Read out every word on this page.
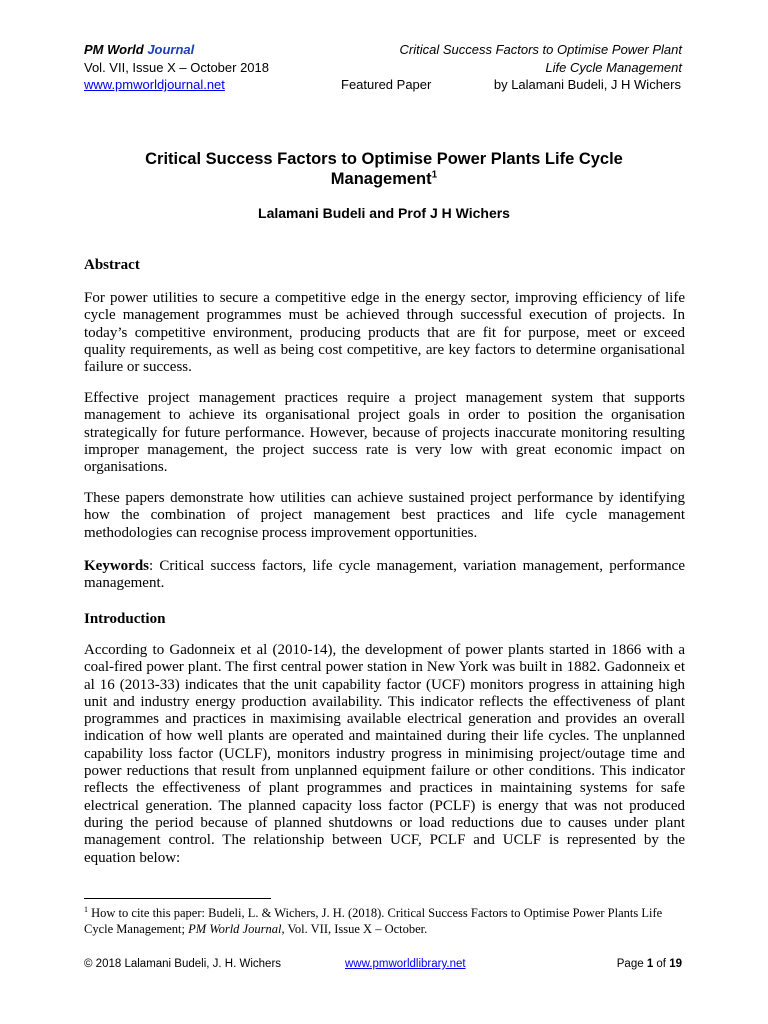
PM World Journal
Vol. VII, Issue X – October 2018
www.pmworldjournal.net
Critical Success Factors to Optimise Power Plant
Life Cycle Management
Featured Paper	by Lalamani Budeli, J H Wichers
Critical Success Factors to Optimise Power Plants Life Cycle
Management$^1$
Lalamani Budeli and Prof J H Wichers
Abstract

For power utilities to secure a competitive edge in the energy sector, improving efficiency of life cycle management programmes must be achieved through successful execution of projects. In today’s competitive environment, producing products that are fit for purpose, meet or exceed quality requirements, as well as being cost competitive, are key factors to determine organisational failure or success.

Effective project management practices require a project management system that supports management to achieve its organisational project goals in order to position the organisation strategically for future performance. However, because of projects inaccurate monitoring resulting improper management, the project success rate is very low with great economic impact on organisations.

These papers demonstrate how utilities can achieve sustained project performance by identifying how the combination of project management best practices and life cycle management methodologies can recognise process improvement opportunities.

Keywords: Critical success factors, life cycle management, variation management, performance management.

Introduction

According to Gadonneix et al (2010-14), the development of power plants started in 1866 with a coal-fired power plant. The first central power station in New York was built in 1882. Gadonneix et al 16 (2013-33) indicates that the unit capability factor (UCF) monitors progress in attaining high unit and industry energy production availability. This indicator reflects the effectiveness of plant programmes and practices in maximising available electrical generation and provides an overall indication of how well plants are operated and maintained during their life cycles. The unplanned capability loss factor (UCLF), monitors industry progress in minimising project/outage time and power reductions that result from unplanned equipment failure or other conditions. This indicator reflects the effectiveness of plant programmes and practices in maintaining systems for safe electrical generation. The planned capacity loss factor (PCLF) is energy that was not produced during the period because of planned shutdowns or load reductions due to causes under plant management control. The relationship between UCF, PCLF and UCLF is represented by the equation below:

$^1$ How to cite this paper: Budeli, L. & Wichers, J. H. (2018). Critical Success Factors to Optimise Power Plants Life Cycle Management; PM World Journal, Vol. VII, Issue X – October.
© 2018 Lalamani Budeli, J. H. Wichers	www.pmworldlibrary.net	Page 1 of 19
